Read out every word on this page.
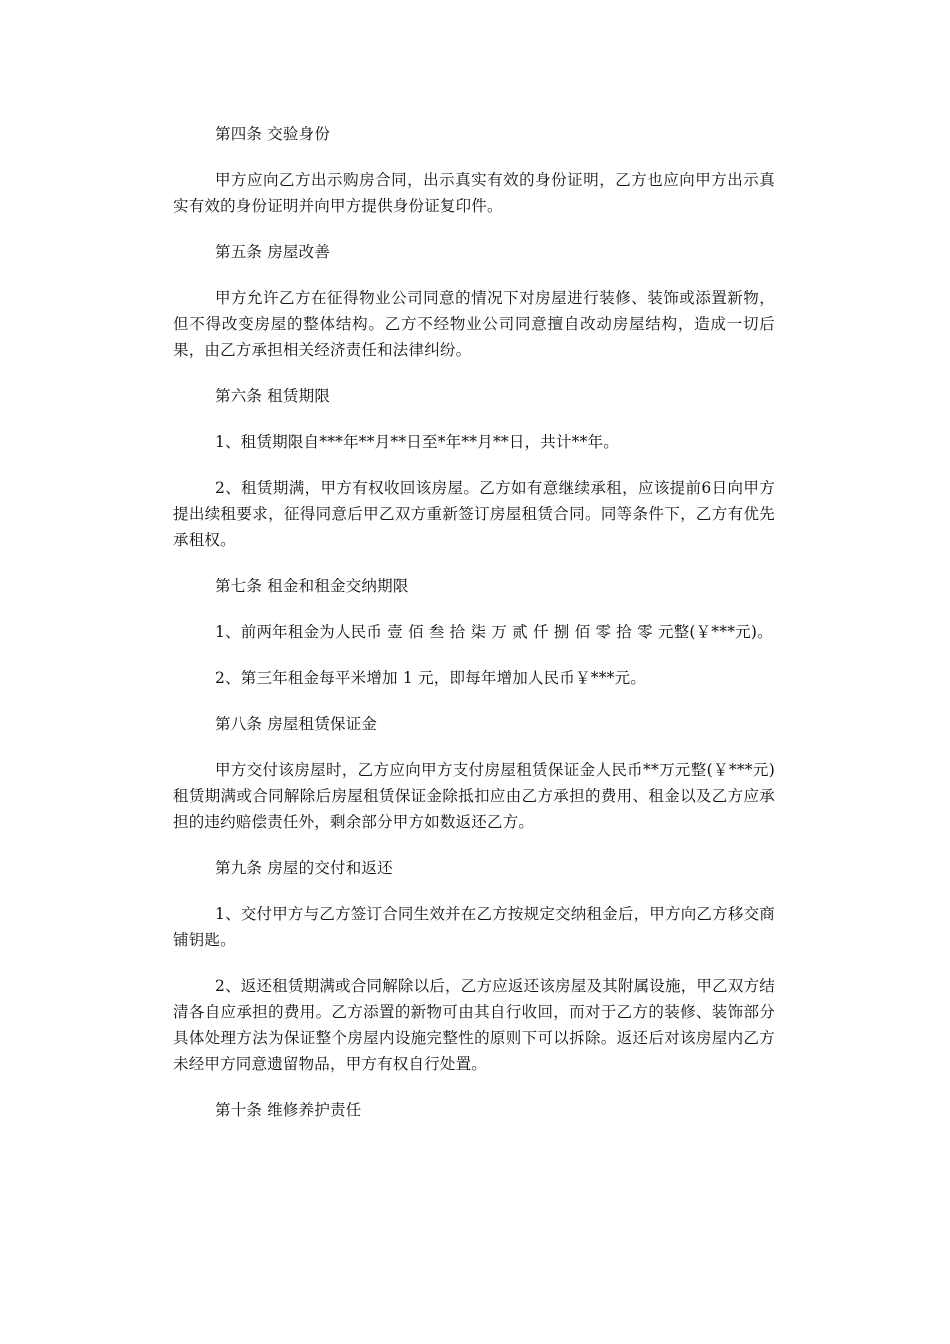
第四条 交验身份
甲方应向乙方出示购房合同，出示真实有效的身份证明，乙方也应向甲方出示真实有效的身份证明并向甲方提供身份证复印件。
第五条 房屋改善
甲方允许乙方在征得物业公司同意的情况下对房屋进行装修、装饰或添置新物，但不得改变房屋的整体结构。乙方不经物业公司同意擅自改动房屋结构，造成一切后果，由乙方承担相关经济责任和法律纠纷。
第六条 租赁期限
1、租赁期限自***年**月**日至*年**月**日，共计**年。
2、租赁期满，甲方有权收回该房屋。乙方如有意继续承租，应该提前6日向甲方提出续租要求，征得同意后甲乙双方重新签订房屋租赁合同。同等条件下，乙方有优先承租权。
第七条 租金和租金交纳期限
1、前两年租金为人民币 壹 佰 叁 拾 柒 万 贰 仟 捌 佰 零 拾 零 元整(￥***元)。
2、第三年租金每平米增加 1 元，即每年增加人民币￥***元。
第八条 房屋租赁保证金
甲方交付该房屋时，乙方应向甲方支付房屋租赁保证金人民币**万元整(￥***元)租赁期满或合同解除后房屋租赁保证金除抵扣应由乙方承担的费用、租金以及乙方应承担的违约赔偿责任外，剩余部分甲方如数返还乙方。
第九条 房屋的交付和返还
1、交付甲方与乙方签订合同生效并在乙方按规定交纳租金后，甲方向乙方移交商铺钥匙。
2、返还租赁期满或合同解除以后，乙方应返还该房屋及其附属设施，甲乙双方结清各自应承担的费用。乙方添置的新物可由其自行收回，而对于乙方的装修、装饰部分具体处理方法为保证整个房屋内设施完整性的原则下可以拆除。返还后对该房屋内乙方未经甲方同意遗留物品，甲方有权自行处置。
第十条 维修养护责任
